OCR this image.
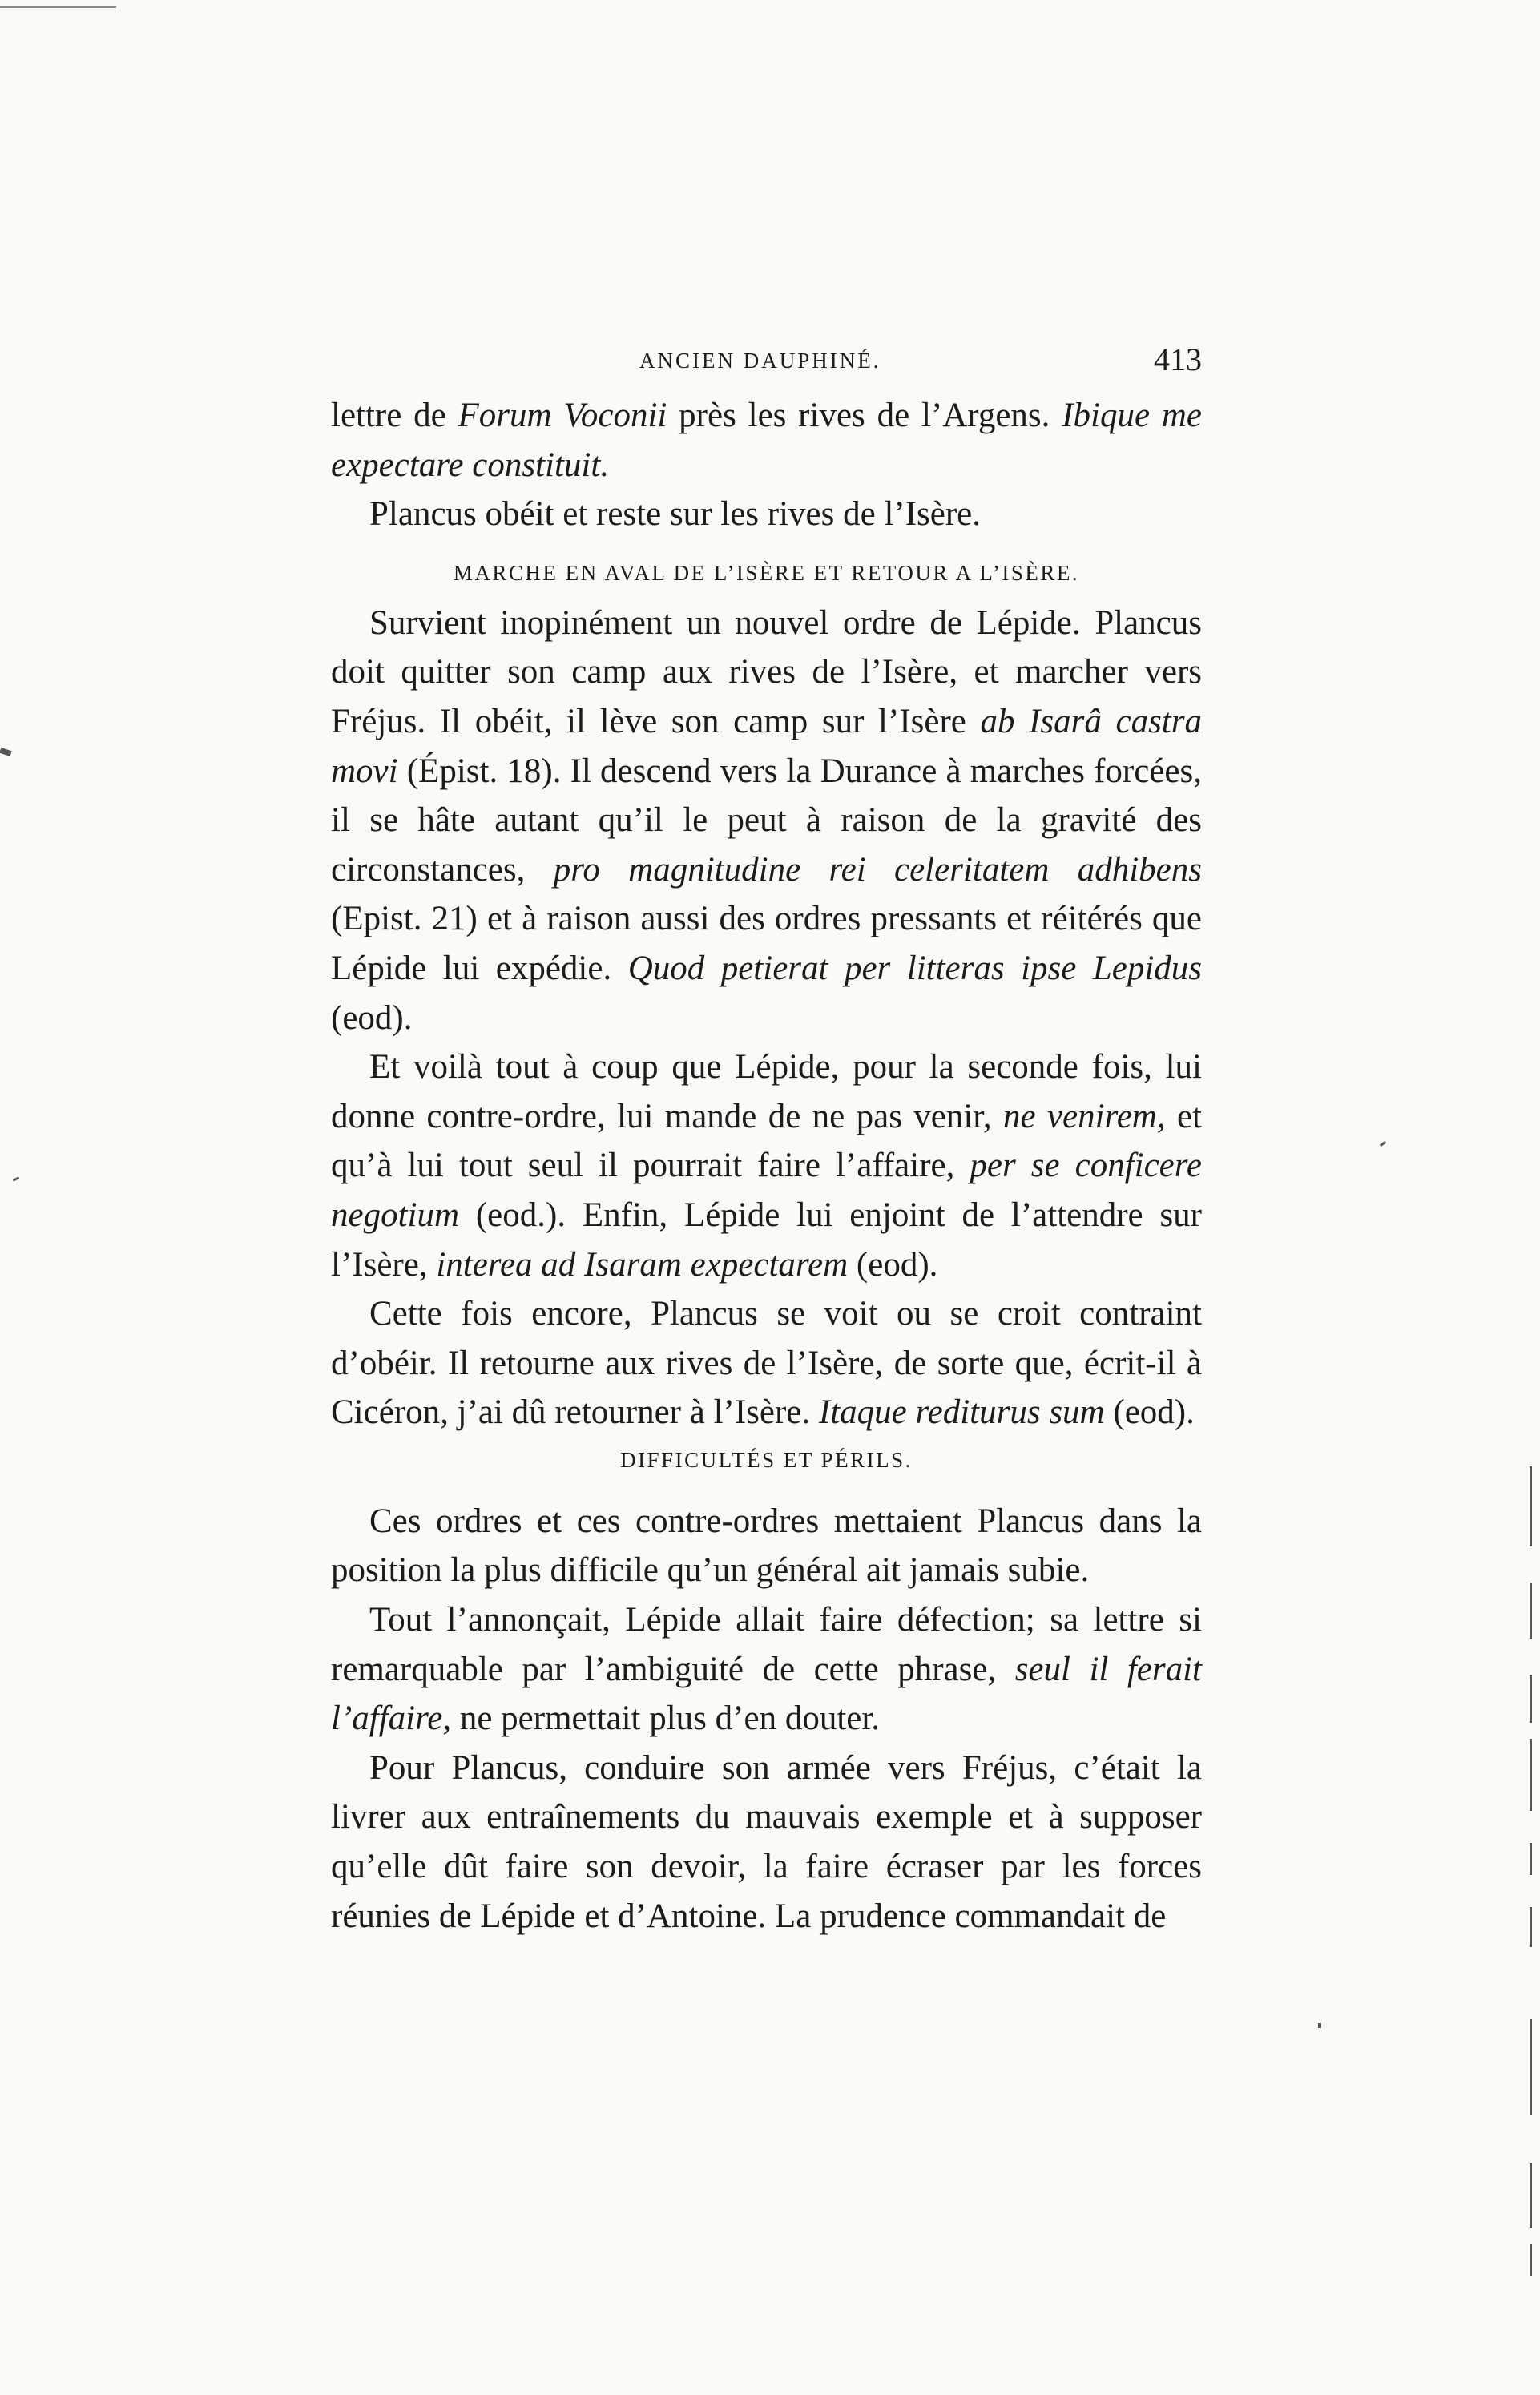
ANCIEN DAUPHINÉ.	413

lettre de Forum Voconii près les rives de l’Argens. Ibique me expectare constituit.

Plancus obéit et reste sur les rives de l’Isère.

MARCHE EN AVAL DE L’ISÈRE ET RETOUR A L’ISÈRE.

Survient inopinément un nouvel ordre de Lépide. Plancus doit quitter son camp aux rives de l’Isère, et marcher vers Fréjus. Il obéit, il lève son camp sur l’Isère ab Isarâ castra movi (Épist. 18). Il descend vers la Durance à marches forcées, il se hâte autant qu’il le peut à raison de la gravité des circonstances, pro magnitudine rei celeritatem adhibens (Epist. 21) et à raison aussi des ordres pressants et réitérés que Lépide lui expédie. Quod petierat per litteras ipse Lepidus (eod).

Et voilà tout à coup que Lépide, pour la seconde fois, lui donne contre-ordre, lui mande de ne pas venir, ne venirem, et qu’à lui tout seul il pourrait faire l’affaire, per se conficere negotium (eod.). Enfin, Lépide lui enjoint de l’attendre sur l’Isère, interea ad Isaram expectarem (eod).

Cette fois encore, Plancus se voit ou se croit contraint d’obéir. Il retourne aux rives de l’Isère, de sorte que, écrit-il à Cicéron, j’ai dû retourner à l’Isère. Itaque rediturus sum (eod).

DIFFICULTÉS ET PÉRILS.

Ces ordres et ces contre-ordres mettaient Plancus dans la position la plus difficile qu’un général ait jamais subie.

Tout l’annonçait, Lépide allait faire défection; sa lettre si remarquable par l’ambiguité de cette phrase, seul il ferait l’affaire, ne permettait plus d’en douter.

Pour Plancus, conduire son armée vers Fréjus, c’était la livrer aux entraînements du mauvais exemple et à supposer qu’elle dût faire son devoir, la faire écraser par les forces réunies de Lépide et d’Antoine. La prudence commandait de
